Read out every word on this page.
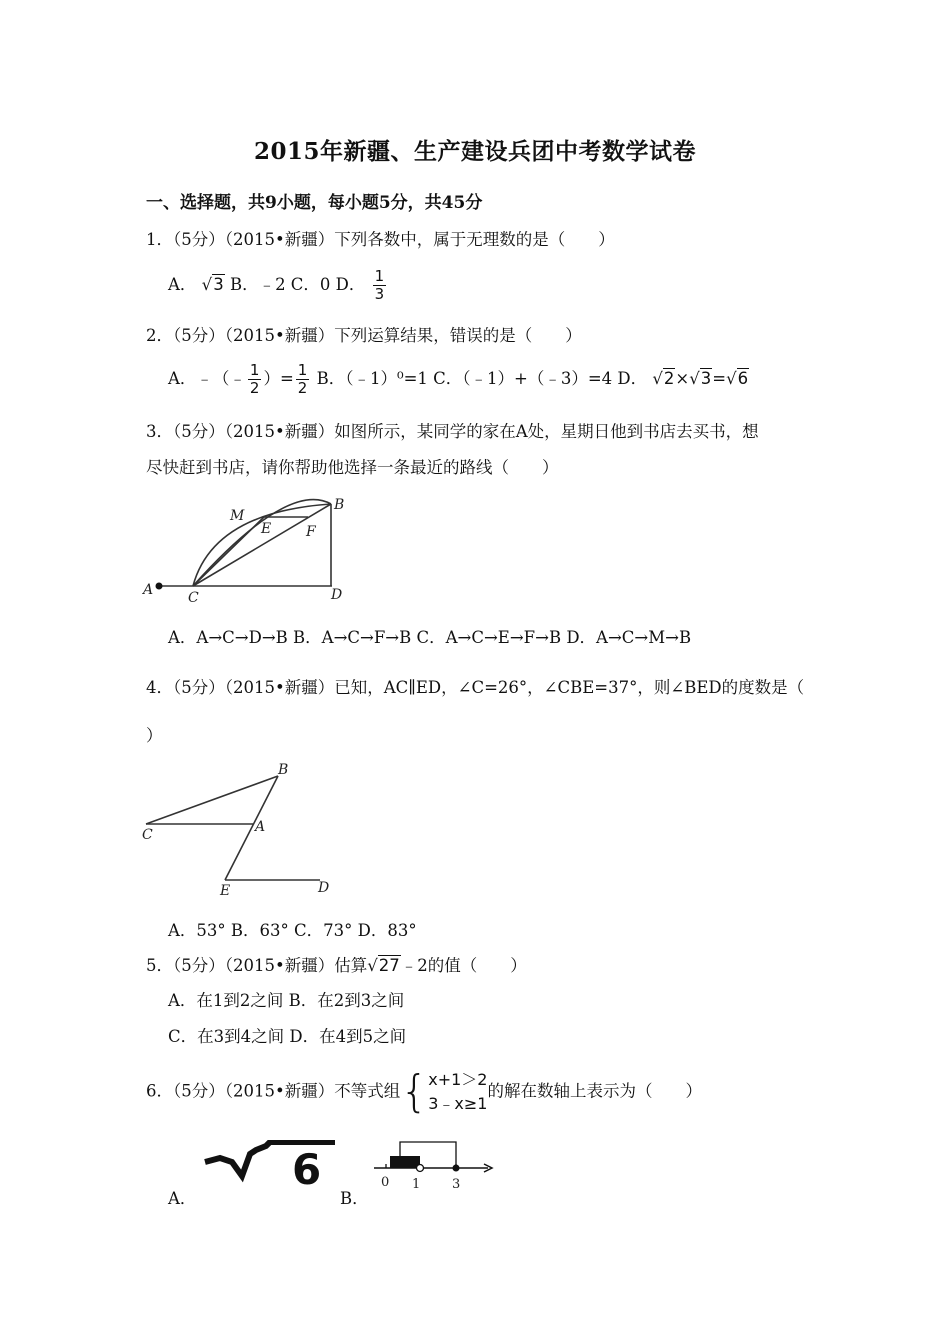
2015年新疆、生产建设兵团中考数学试卷
一、选择题，共9小题，每小题5分，共45分
1．（5分）（2015•新疆）下列各数中，属于无理数的是（　　）
A． √3 B．﹣2 C．0 D． $\frac{1}{3}$
2．（5分）（2015•新疆）下列运算结果，错误的是（　　）
A．﹣（﹣ $\frac{1}{2}$ ）= $\frac{1}{2}$ B．（﹣1）⁰=1 C．（﹣1）+（﹣3）=4 D． √2×√3=√6
3．（5分）（2015•新疆）如图所示，某同学的家在A处，星期日他到书店去买书，想
尽快赶到书店，请你帮助他选择一条最近的路线（　　）
M
E F
B
A C	D
A．A→C→D→B B．A→C→F→B C．A→C→E→F→B D．A→C→M→B
4．（5分）（2015•新疆）已知，AC∥ED，∠C=26°，∠CBE=37°，则∠BED的度数是（
）
B
C	A
E	D
A．53° B．63° C．73° D．83°
5．（5分）（2015•新疆）估算√27﹣2的值（　　）
A．在1到2之间 B．在2到3之间
C．在3到4之间 D．在4到5之间
6．（5分）（2015•新疆）不等式组 { x+1＞2
3﹣x≥1
的解在数轴上表示为（　　）
A．
6
B．
0 1 3
